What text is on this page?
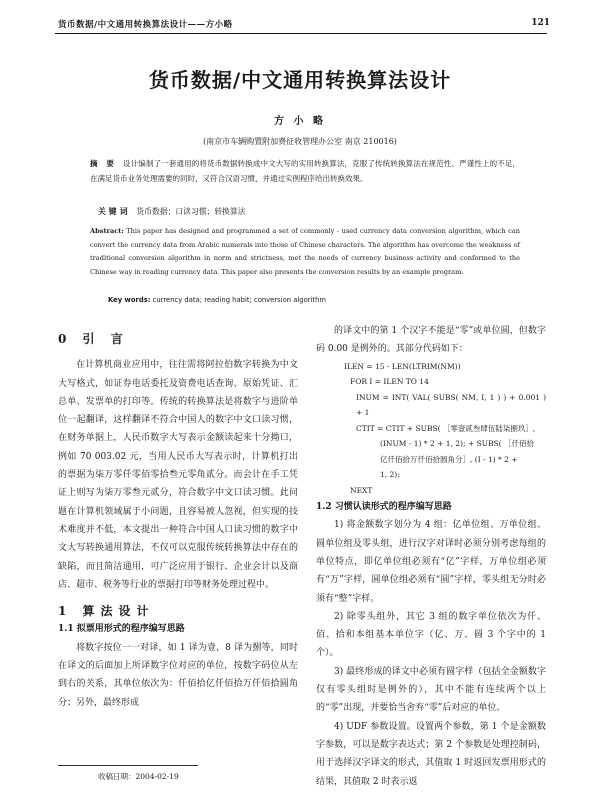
货币数据/中文通用转换算法设计——方小略	121
货币数据/中文通用转换算法设计
方 小 略
(南京市车辆购置附加费征收管理办公室 南京 210016)
摘 要 设计编制了一套通用的将货币数据转换成中文大写的实用转换算法，克服了传统转换算法在规范性、严谨性上的不足，在满足货币业务处理需要的同时，又符合汉语习惯，并通过实例程序给出转换效果。
关键词 货币数据；口读习惯；转换算法
Abstract: This paper has designed and programmed a set of commonly - used currency data conversion algorithm, which can convert the currency data from Arabic numerals into those of Chinese characters. The algorithm has overcome the weakness of traditional conversion algorithm in norm and strictness, met the needs of currency business activity and conformed to the Chinese way in reading currency data. This paper also presents the conversion results by an example program.
Key words: currency data; reading habit; conversion algorithm
0 引 言

在计算机商业应用中，往往需将阿拉伯数字转换为中文大写格式，如证券电话委托及资费电话查询、原始凭证、汇总单、发票单的打印等。传统的转换算法是将数字与进阶单位一起翻译，这样翻译不符合中国人的数字中文口读习惯，在财务单据上，人民币数字大写表示金额读起来十分拗口，例如 70 003.02 元，当用人民币大写表示时，计算机打出的票据为柒万零仟零佰零拾叁元零角贰分。而会计在手工凭证上则写为柒万零叁元贰分，符合数字中文口读习惯。此问题在计算机领域属于小问题，且容易被人忽视，但实现的技术难度并不低，本文提出一种符合中国人口读习惯的数字中文大写转换通用算法，不仅可以克服传统转换算法中存在的缺陷，而且简洁通用，可广泛应用于银行、企业会计以及商店、超市、税务等行业的票据打印等财务处理过程中。

1 算法设计
1.1 拟票用形式的程序编写思路

将数字按位一一对译，如 1 译为壹，8 译为捌等，同时在译文的后面加上所译数字位对应的单位，按数字码位从左到右的关系，其单位依次为：仟佰拾亿仟佰拾万仟佰拾圆角分；另外，最终形成

收稿日期：2004-02-19

的译文中的第 1 个汉字不能是“零”或单位圆，但数字码 0.00 是例外的。其部分代码如下：

ILEN = 15 - LEN(LTRIM(NM))
FOR I = ILEN TO 14
INUM = INT( VAL( SUBS( NM, I, 1 ) ) + 0.001 ) + 1
CTIT = CTIT + SUBS( ［零壹贰叁肆伍陆柒捌玖］,
(INUM - 1) * 2 + 1, 2); + SUBS( ［仟佰拾
亿仟佰拾万仟佰拾圆角分］, (I - 1) * 2 +
1, 2);
NEXT
1.2 习惯认读形式的程序编写思路

1) 将金额数字划分为 4 组：亿单位组、万单位组、圆单位组及零头组，进行汉字对译时必须分别考虑每组的单位特点，即亿单位组必须有“亿”字样，万单位组必须有“万”字样，圆单位组必须有“圆”字样，零头组无分时必须有“整”字样。

2) 除零头组外，其它 3 组的数字单位依次为仟、佰、拾和本组基本单位字（亿、万、圆 3 个字中的 1 个）。

3) 最终形成的译文中必须有圆字样（包括全金额数字仅有零头组时是例外的），其中不能有连续两个以上的“零”出现，并要恰当舍弃“零”后对应的单位。

4) UDF 参数设置。设置两个参数，第 1 个是金额数字参数，可以是数字表达式；第 2 个参数是处理控制码，用于选择汉字译文的形式，其值取 1 时返回发票用形式的结果，其值取 2 时表示返
